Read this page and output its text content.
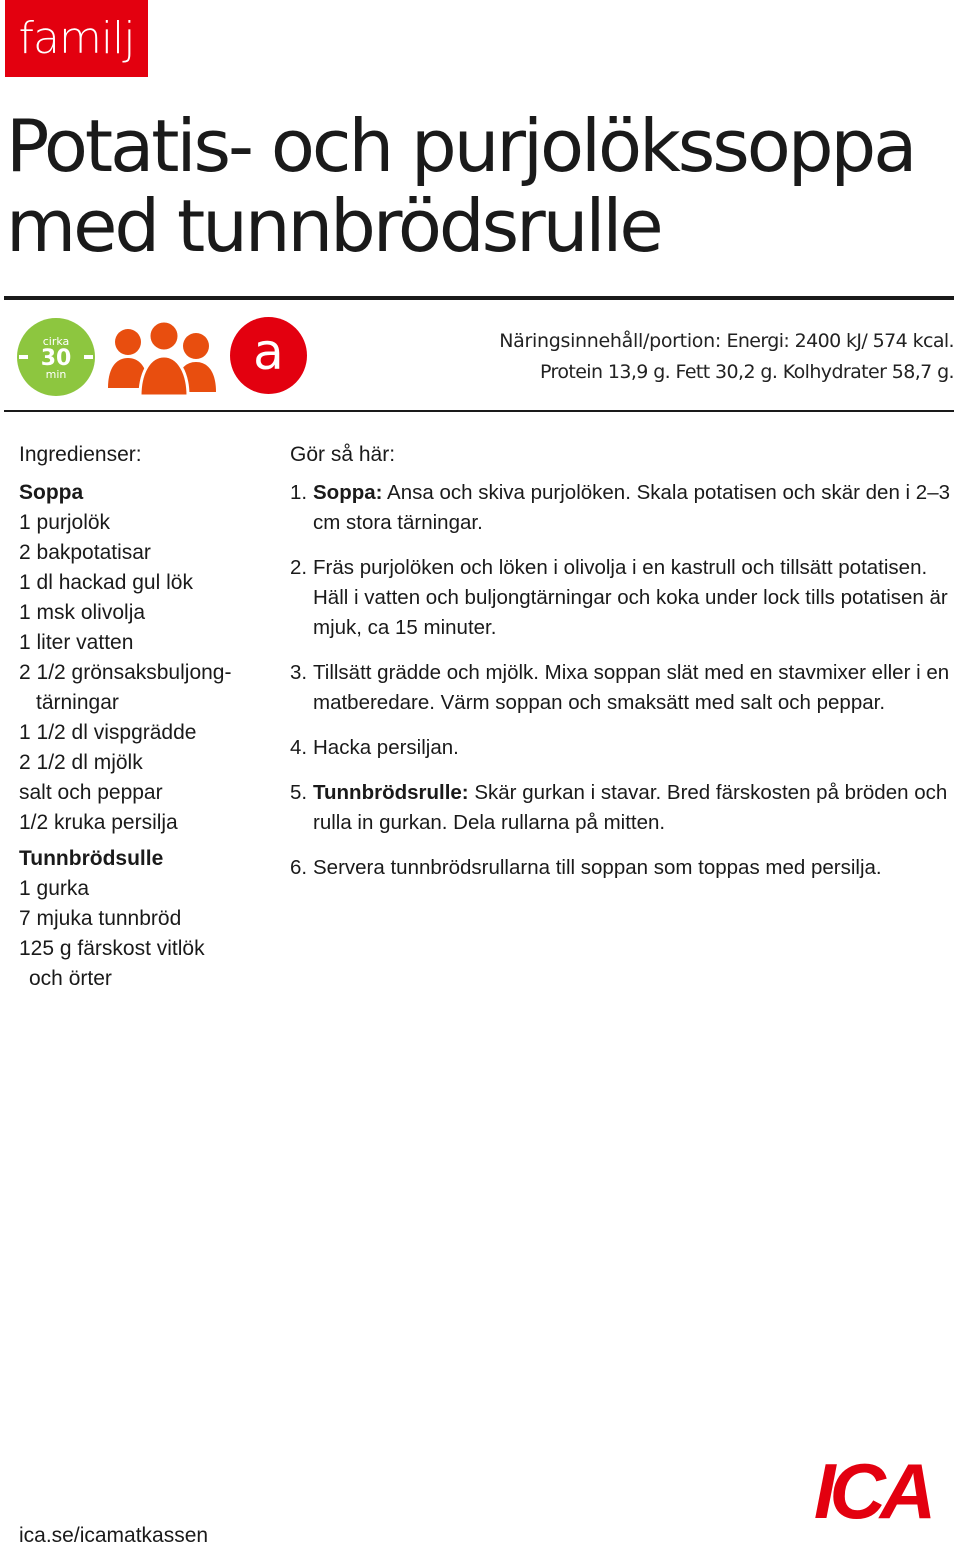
familj
Potatis- och purjolökssoppa
med tunnbrödsrulle
cirka
30
min	a	Näringsinnehåll/portion: Energi: 2400 kJ/ 574 kcal.
Protein 13,9 g. Fett 30,2 g. Kolhydrater 58,7 g.
Ingredienser:
Soppa
1 purjolök
2 bakpotatisar
1 dl hackad gul lök
1 msk olivolja
1 liter vatten
2 1/2 grönsaksbuljong-tärningar
1 1/2 dl vispgrädde
2 1/2 dl mjölk
salt och peppar
1/2 kruka persilja
Tunnbrödsulle
1 gurka
7 mjuka tunnbröd
125 g färskost vitlök och örter
Gör så här:
1. Soppa: Ansa och skiva purjolöken. Skala potatisen och skär den i 2–3 cm stora tärningar.
2. Fräs purjolöken och löken i olivolja i en kastrull och tillsätt potatisen. Häll i vatten och buljongtärningar och koka under lock tills potatisen är mjuk, ca 15 minuter.
3. Tillsätt grädde och mjölk. Mixa soppan slät med en stavmixer eller i en matberedare. Värm soppan och smaksätt med salt och peppar.
4. Hacka persiljan.
5. Tunnbrödsrulle: Skär gurkan i stavar. Bred färskosten på bröden och rulla in gurkan. Dela rullarna på mitten.
6. Servera tunnbrödsrullarna till soppan som toppas med persilja.
ica.se/icamatkassen
ICA
